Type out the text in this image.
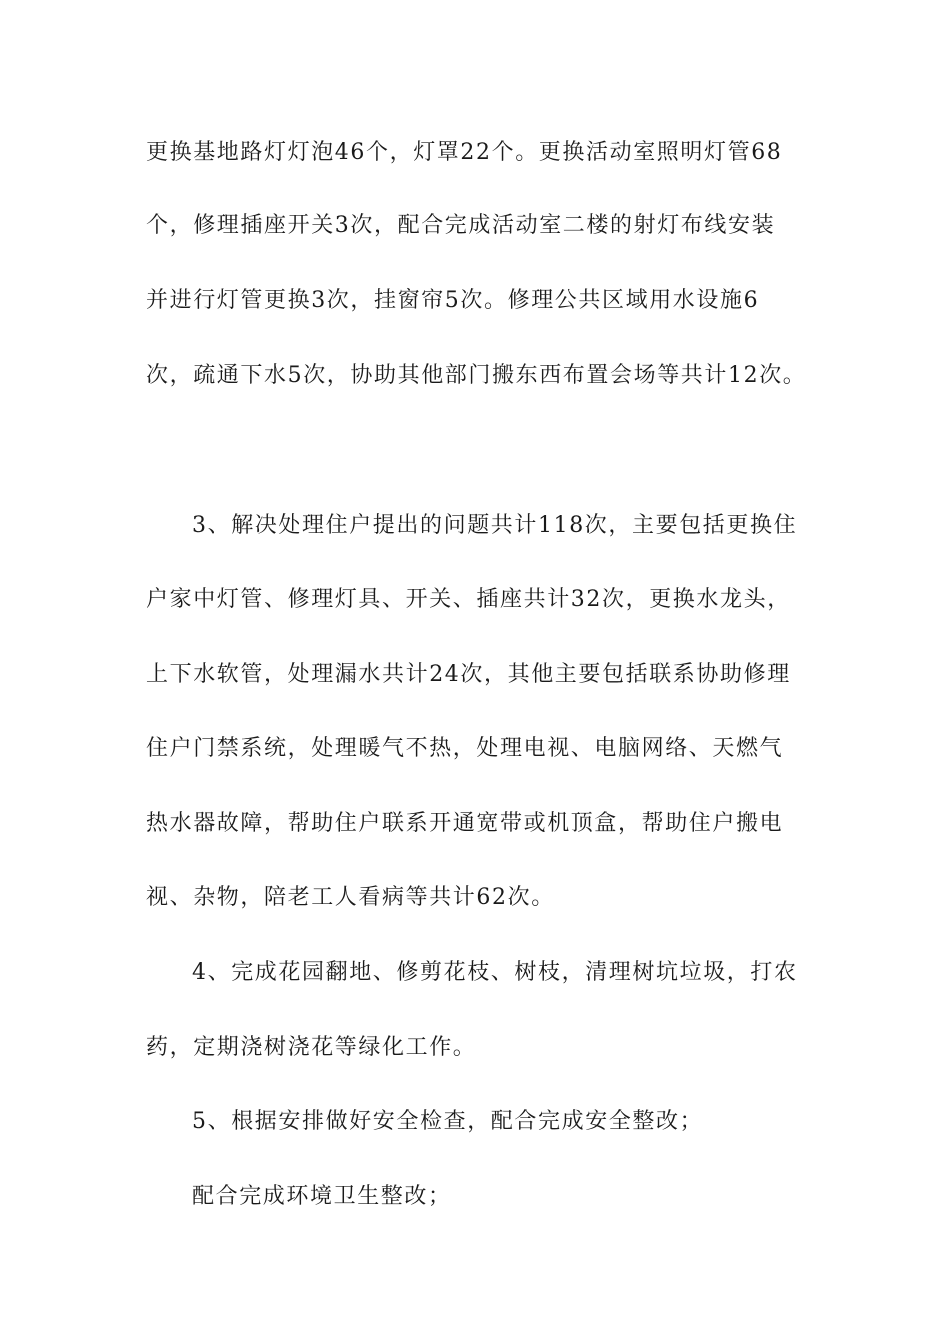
更换基地路灯灯泡46个，灯罩22个。更换活动室照明灯管68
个，修理插座开关3次，配合完成活动室二楼的射灯布线安装
并进行灯管更换3次，挂窗帘5次。修理公共区域用水设施6
次，疏通下水5次，协助其他部门搬东西布置会场等共计12次。
3、解决处理住户提出的问题共计118次，主要包括更换住
户家中灯管、修理灯具、开关、插座共计32次，更换水龙头，
上下水软管，处理漏水共计24次，其他主要包括联系协助修理
住户门禁系统，处理暖气不热，处理电视、电脑网络、天燃气
热水器故障，帮助住户联系开通宽带或机顶盒，帮助住户搬电
视、杂物，陪老工人看病等共计62次。
4、完成花园翻地、修剪花枝、树枝，清理树坑垃圾，打农
药，定期浇树浇花等绿化工作。
5、根据安排做好安全检查，配合完成安全整改；
配合完成环境卫生整改；
